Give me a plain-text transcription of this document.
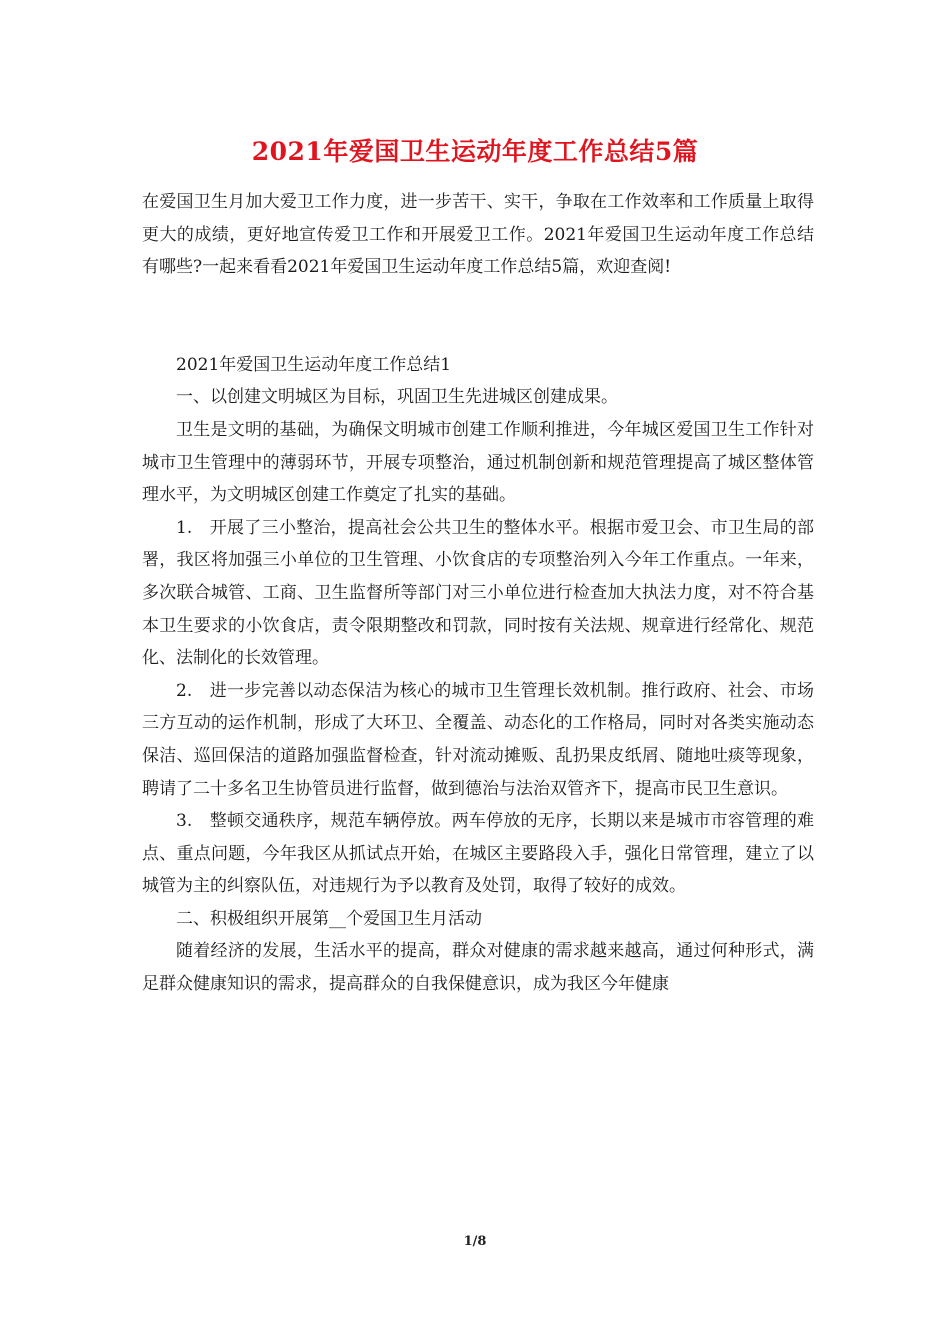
2021年爱国卫生运动年度工作总结5篇

在爱国卫生月加大爱卫工作力度，进一步苦干、实干，争取在工作效率和工作质量上取得更大的成绩，更好地宣传爱卫工作和开展爱卫工作。2021年爱国卫生运动年度工作总结有哪些?一起来看看2021年爱国卫生运动年度工作总结5篇，欢迎查阅!

2021年爱国卫生运动年度工作总结1

一、以创建文明城区为目标，巩固卫生先进城区创建成果。

卫生是文明的基础，为确保文明城市创建工作顺利推进，今年城区爱国卫生工作针对城市卫生管理中的薄弱环节，开展专项整治，通过机制创新和规范管理提高了城区整体管理水平，为文明城区创建工作奠定了扎实的基础。

1.　开展了三小整治，提高社会公共卫生的整体水平。根据市爱卫会、市卫生局的部署，我区将加强三小单位的卫生管理、小饮食店的专项整治列入今年工作重点。一年来，多次联合城管、工商、卫生监督所等部门对三小单位进行检查加大执法力度，对不符合基本卫生要求的小饮食店，责令限期整改和罚款，同时按有关法规、规章进行经常化、规范化、法制化的长效管理。

2.　进一步完善以动态保洁为核心的城市卫生管理长效机制。推行政府、社会、市场三方互动的运作机制，形成了大环卫、全覆盖、动态化的工作格局，同时对各类实施动态保洁、巡回保洁的道路加强监督检查，针对流动摊贩、乱扔果皮纸屑、随地吐痰等现象，聘请了二十多名卫生协管员进行监督，做到德治与法治双管齐下，提高市民卫生意识。

3.　整顿交通秩序，规范车辆停放。两车停放的无序，长期以来是城市市容管理的难点、重点问题，今年我区从抓试点开始，在城区主要路段入手，强化日常管理，建立了以城管为主的纠察队伍，对违规行为予以教育及处罚，取得了较好的成效。

二、积极组织开展第__个爱国卫生月活动

随着经济的发展，生活水平的提高，群众对健康的需求越来越高，通过何种形式，满足群众健康知识的需求，提高群众的自我保健意识，成为我区今年健康

1/8
